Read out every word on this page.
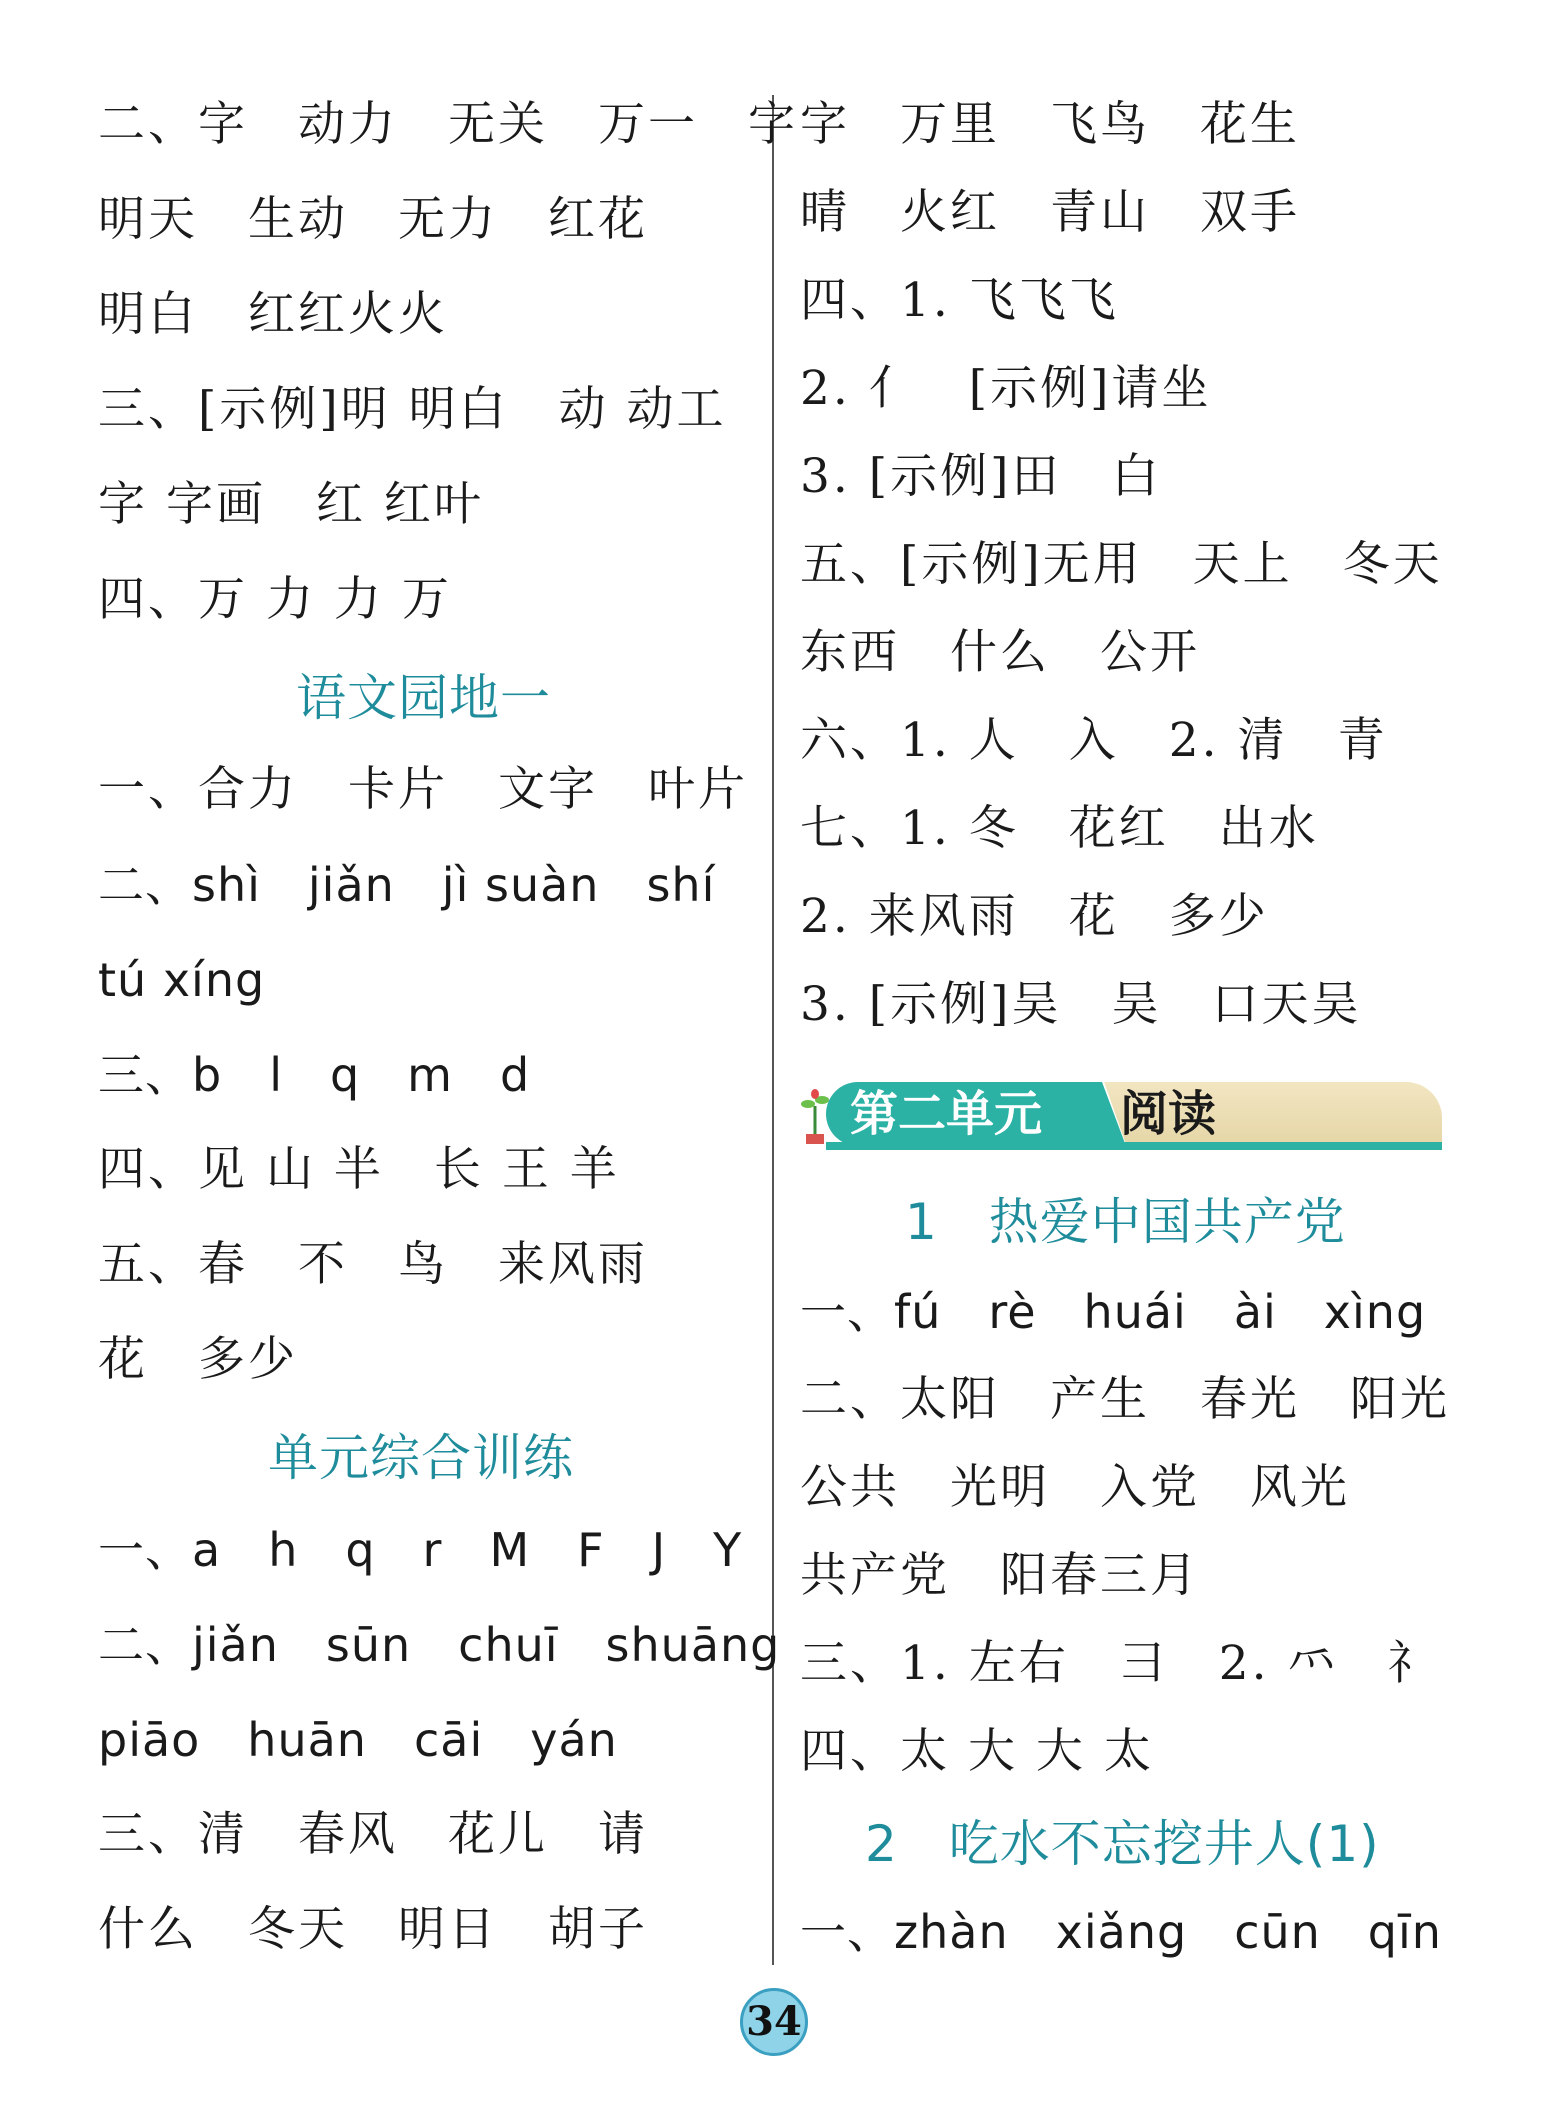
二、字　动力　无关　万一　字
明天　生动　无力　红花
明白　红红火火
三、[示例]明 明白　动 动工
字 字画　红 红叶
四、万 力 力 万
语文园地一
一、合力　卡片　文字　叶片
二、shì　jiǎn　jì suàn　shí
tú xíng
三、b　l　q　m　d
四、见 山 半　长 王 羊
五、春　不　鸟　来风雨
花　多少
单元综合训练
一、a　h　q　r　M　F　J　Y
二、jiǎn　sūn　chuī　shuāng
piāo　huān　cāi　yán
三、清　春风　花儿　请
什么　冬天　明日　胡子
字　万里　飞鸟　花生
晴　火红　青山　双手
四、1. 飞飞飞
2. 亻　[示例]请坐
3. [示例]田　白
五、[示例]无用　天上　冬天
东西　什么　公开
六、1. 人　入　2. 清　青
七、1. 冬　花红　出水
2. 来风雨　花　多少
3. [示例]吴　吴　口天吴
第二单元 阅读
1　热爱中国共产党
一、fú　rè　huái　ài　xìng
二、太阳　产生　春光　阳光
公共　光明　入党　风光
共产党　阳春三月
三、1. 左右　⺕　2. ⺤　礻
四、太 大 大 太
2　吃水不忘挖井人(1)
一、zhàn　xiǎng　cūn　qīn
34
